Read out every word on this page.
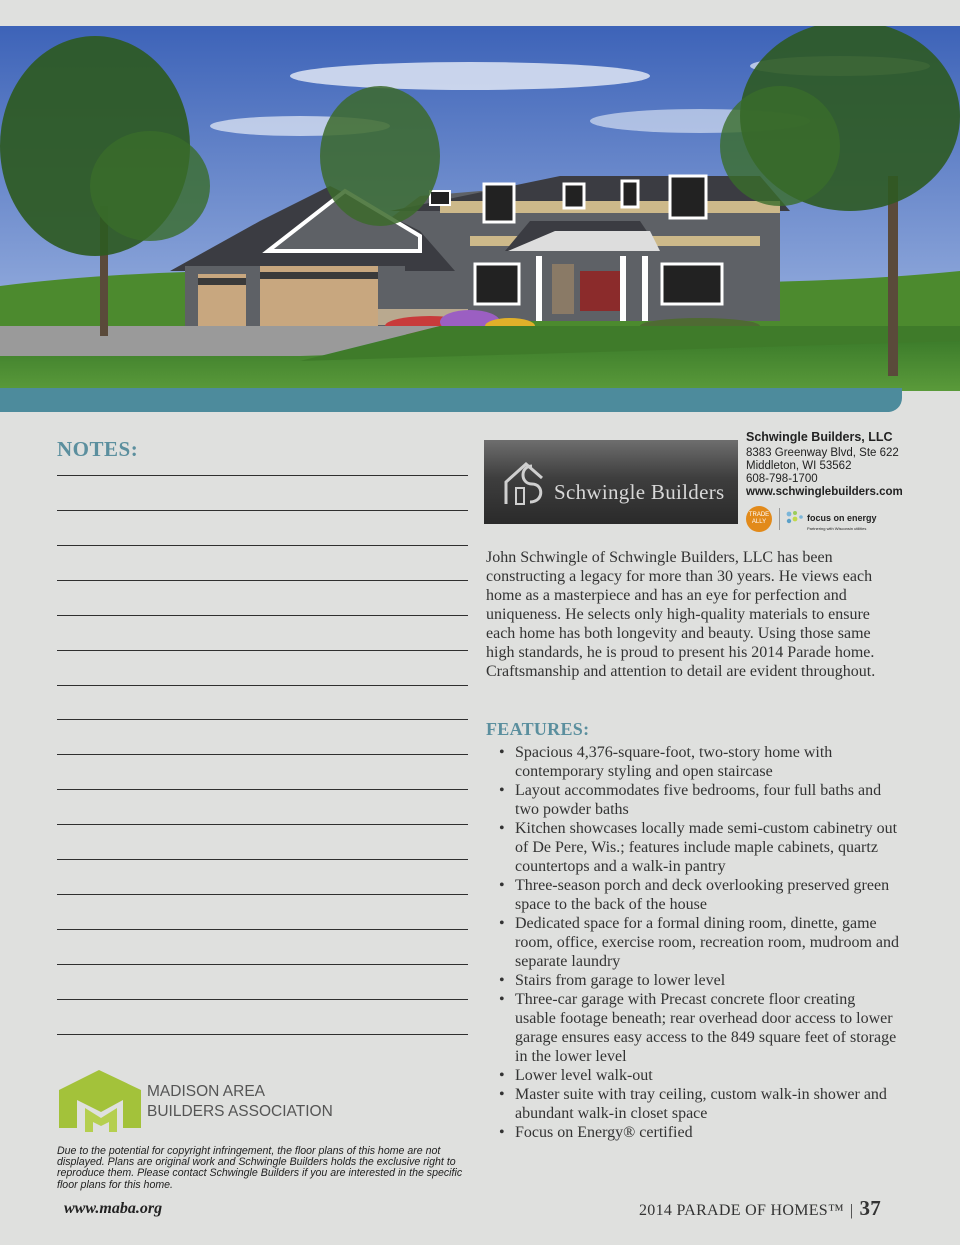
NOTES:
MADISON AREA
BUILDERS ASSOCIATION
Due to the potential for copyright infringement, the floor plans of this home are not displayed. Plans are original work and Schwingle Builders holds the exclusive right to reproduce them. Please contact Schwingle Builders if you are interested in the specific floor plans for this home.
www.maba.org
Schwingle Builders
Schwingle Builders, LLC
8383 Greenway Blvd, Ste 622
Middleton, WI 53562
608-798-1700
www.schwinglebuilders.com
TRADE ALLY	focus on energy
Partnering with Wisconsin utilities
John Schwingle of Schwingle Builders, LLC has been constructing a legacy for more than 30 years. He views each home as a masterpiece and has an eye for perfection and uniqueness. He selects only high-quality materials to ensure each home has both longevity and beauty. Using those same high standards, he is proud to present his 2014 Parade home. Craftsmanship and attention to detail are evident throughout.
FEATURES:
• Spacious 4,376-square-foot, two-story home with contemporary styling and open staircase
• Layout accommodates five bedrooms, four full baths and two powder baths
• Kitchen showcases locally made semi-custom cabinetry out of De Pere, Wis.; features include maple cabinets, quartz countertops and a walk-in pantry
• Three-season porch and deck overlooking preserved green space to the back of the house
• Dedicated space for a formal dining room, dinette, game room, office, exercise room, recreation room, mudroom and separate laundry
• Stairs from garage to lower level
• Three-car garage with Precast concrete floor creating usable footage beneath; rear overhead door access to lower garage ensures easy access to the 849 square feet of storage in the lower level
• Lower level walk-out
• Master suite with tray ceiling, custom walk-in shower and abundant walk-in closet space
• Focus on Energy® certified
2014 PARADE OF HOMES™ | 37
